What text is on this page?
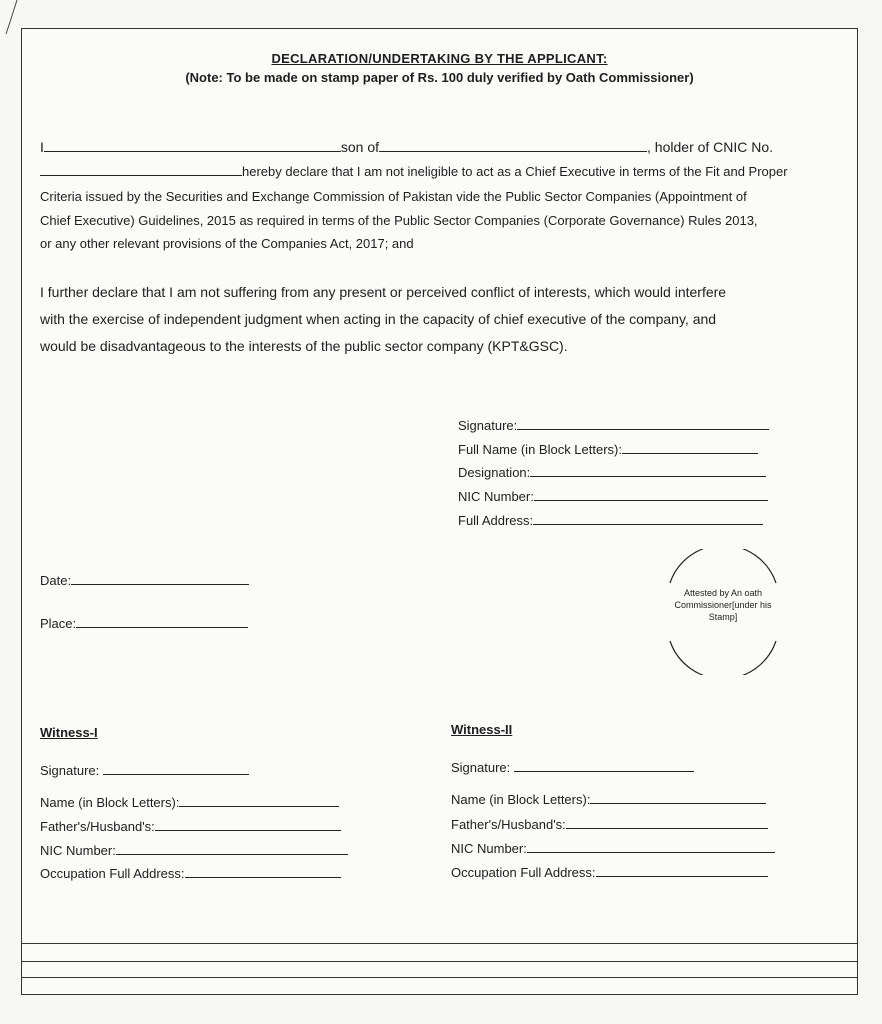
DECLARATION/UNDERTAKING BY THE APPLICANT:
(Note: To be made on stamp paper of Rs. 100 duly verified by Oath Commissioner)
I	son of	, holder of CNIC No.
hereby declare that I am not ineligible to act as a Chief Executive in terms of the Fit and Proper
Criteria issued by the Securities and Exchange Commission of Pakistan vide the Public Sector Companies (Appointment of
Chief Executive) Guidelines, 2015 as required in terms of the Public Sector Companies (Corporate Governance) Rules 2013,
or any other relevant provisions of the Companies Act, 2017; and
I further declare that I am not suffering from any present or perceived conflict of interests, which would interfere
with the exercise of independent judgment when acting in the capacity of chief executive of the company, and
would be disadvantageous to the interests of the public sector company (KPT&GSC).
Signature:
Full Name (in Block Letters):
Designation:
NIC Number:
Full Address:
Date:
Place:
Attested by An oath Commissioner[under his Stamp]
Witness-I
Signature:
Name (in Block Letters):
Father's/Husband's:
NIC Number:
Occupation Full Address:
Witness-II
Signature:
Name (in Block Letters):
Father's/Husband's:
NIC Number:
Occupation Full Address:
